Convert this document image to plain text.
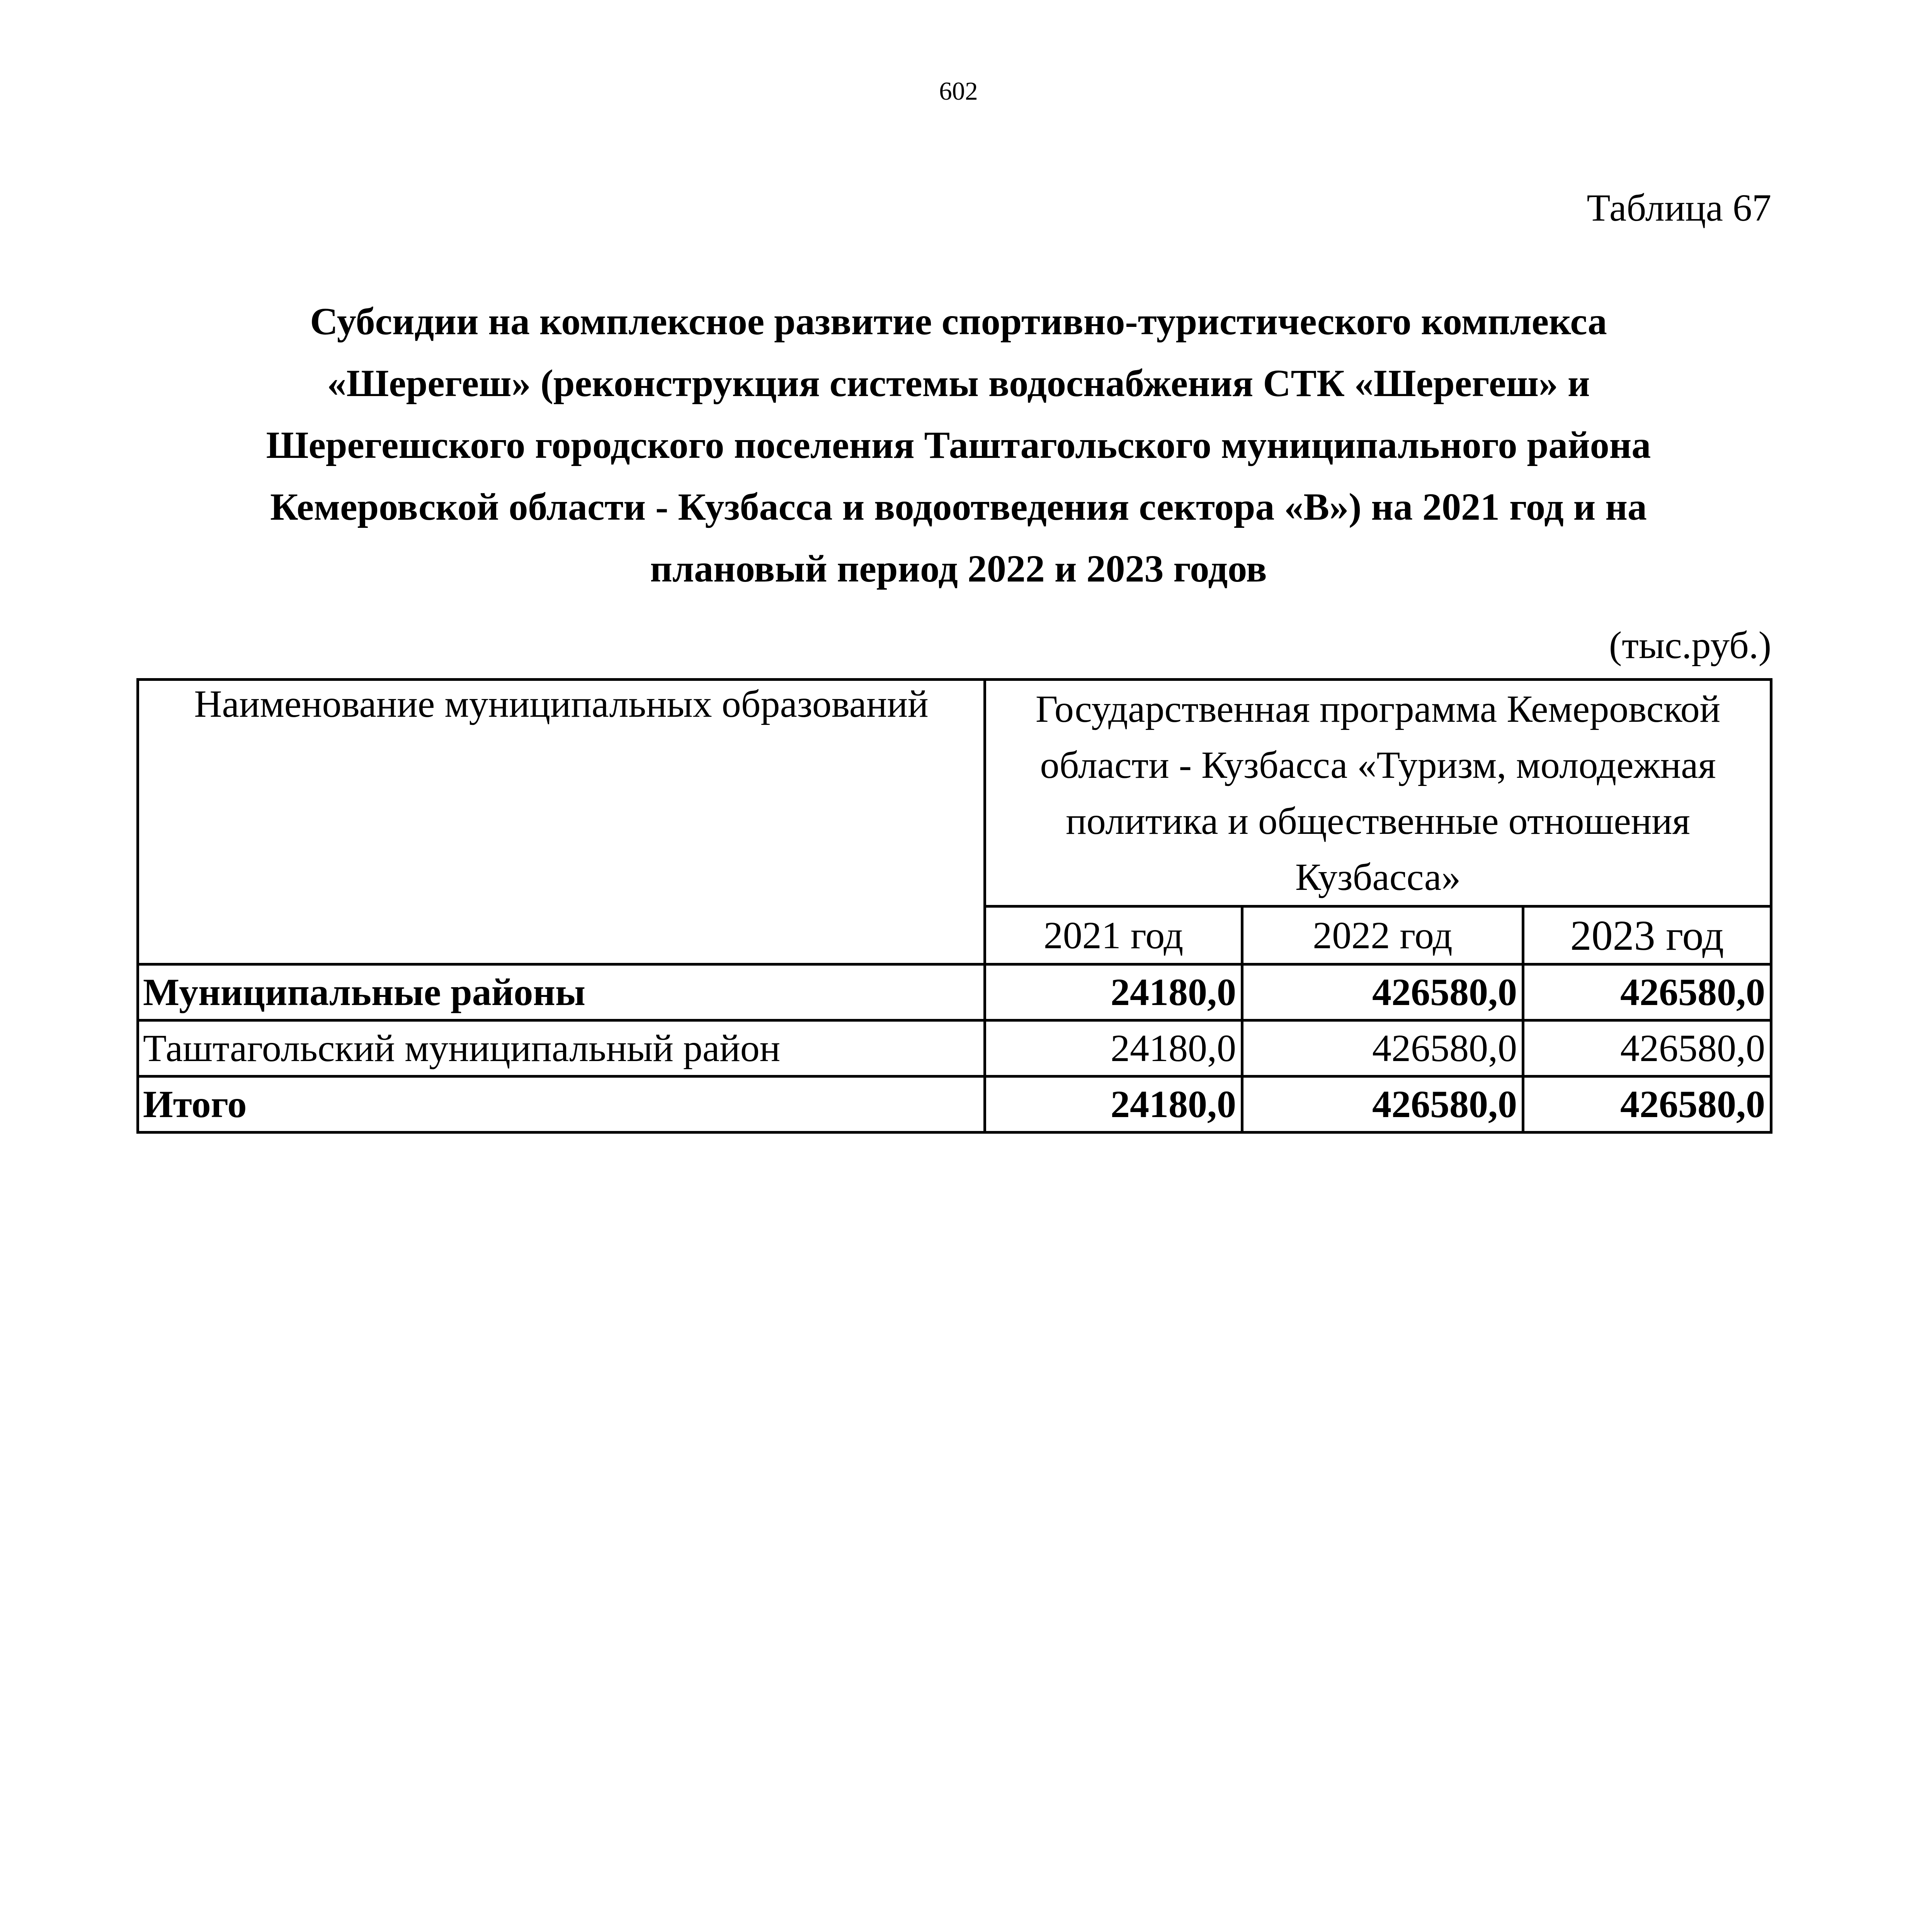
602
Таблица 67
Субсидии на комплексное развитие спортивно-туристического комплекса
«Шерегеш» (реконструкция системы водоснабжения СТК «Шерегеш» и
Шерегешского городского поселения Таштагольского муниципального района
Кемеровской области - Кузбасса и водоотведения сектора «В») на 2021 год и на
плановый период 2022 и 2023 годов
(тыс.руб.)
Наименование муниципальных образований	Государственная программа Кемеровской
области - Кузбасса «Туризм, молодежная
политика и общественные отношения
Кузбасса»		

	2021 год	2022 год	2023 год
Муниципальные районы	24180,0	426580,0	426580,0
Таштагольский муниципальный район	24180,0	426580,0	426580,0
Итого	24180,0	426580,0	426580,0
